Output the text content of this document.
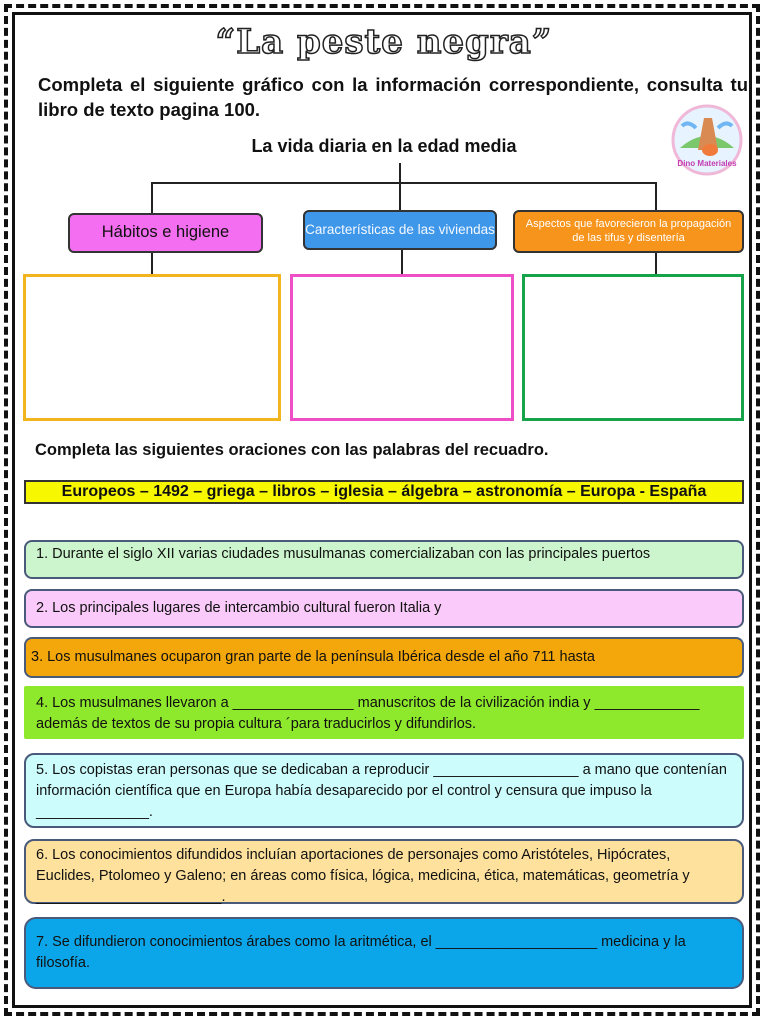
“La peste negra”
Completa el siguiente gráfico con la información correspondiente, consulta tu libro de texto pagina 100.
Dino Materiales
La vida diaria en la edad media
Hábitos e higiene	Características de las viviendas	Aspectos que favorecieron la propagación de las tifus y disentería
Completa las siguientes oraciones con las palabras del recuadro.
Europeos – 1492 – griega – libros – iglesia – álgebra – astronomía – Europa - España
1. Durante el siglo XII varias ciudades musulmanas comercializaban con las principales puertos
2. Los principales lugares de intercambio cultural fueron Italia y
3. Los musulmanes ocuparon gran parte de la península Ibérica desde el año 711 hasta
4. Los musulmanes llevaron a _______________ manuscritos de la civilización india y _____________ además de textos de su propia cultura ´para traducirlos y difundirlos.
5. Los copistas eran personas que se dedicaban a reproducir __________________ a mano que contenían información científica que en Europa había desaparecido por el control y censura que impuso la ______________.
6. Los conocimientos difundidos incluían aportaciones de personajes como Aristóteles, Hipócrates, Euclides, Ptolomeo y Galeno; en áreas como física, lógica, medicina, ética, matemáticas, geometría y _______________________.
7. Se difundieron conocimientos árabes como la aritmética, el ____________________ medicina y la filosofía.
